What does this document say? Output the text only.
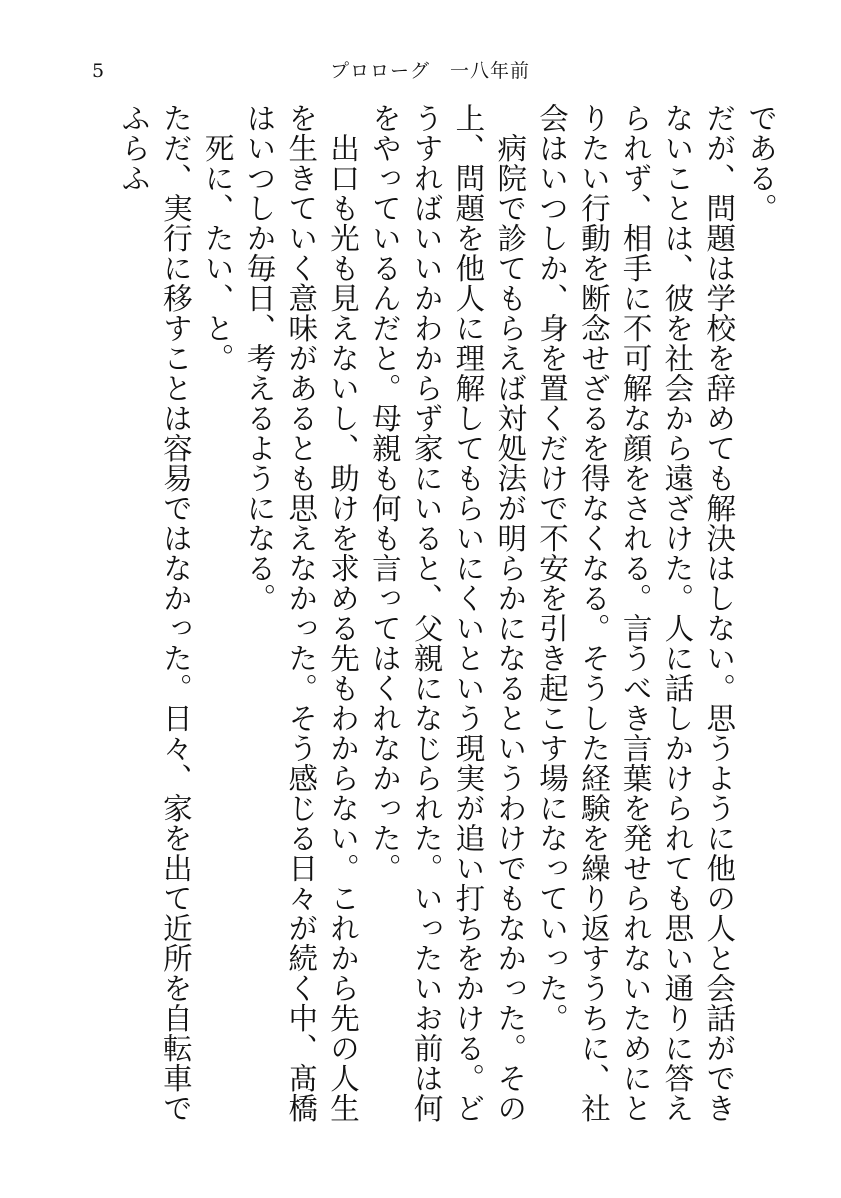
5	プロローグ　一八年前

である。

だが、問題は学校を辞めても解決はしない。思うように他の人と会話ができないことは、彼を社会から遠ざけた。人に話しかけられても思い通りに答えられず、相手に不可解な顔をされる。言うべき言葉を発せられないためにとりたい行動を断念せざるを得なくなる。そうした経験を繰り返すうちに、社会はいつしか、身を置くだけで不安を引き起こす場になっていった。

病院で診てもらえば対処法が明らかになるというわけでもなかった。その上、問題を他人に理解してもらいにくいという現実が追い打ちをかける。どうすればいいかわからず家にいると、父親になじられた。いったいお前は何をやっているんだと。母親も何も言ってはくれなかった。

出口も光も見えないし、助けを求める先もわからない。これから先の人生を生きていく意味があるとも思えなかった。そう感じる日々が続く中、髙橋はいつしか毎日、考えるようになる。

死に、たい、と。

ただ、実行に移すことは容易ではなかった。日々、家を出て近所を自転車でふらふ
